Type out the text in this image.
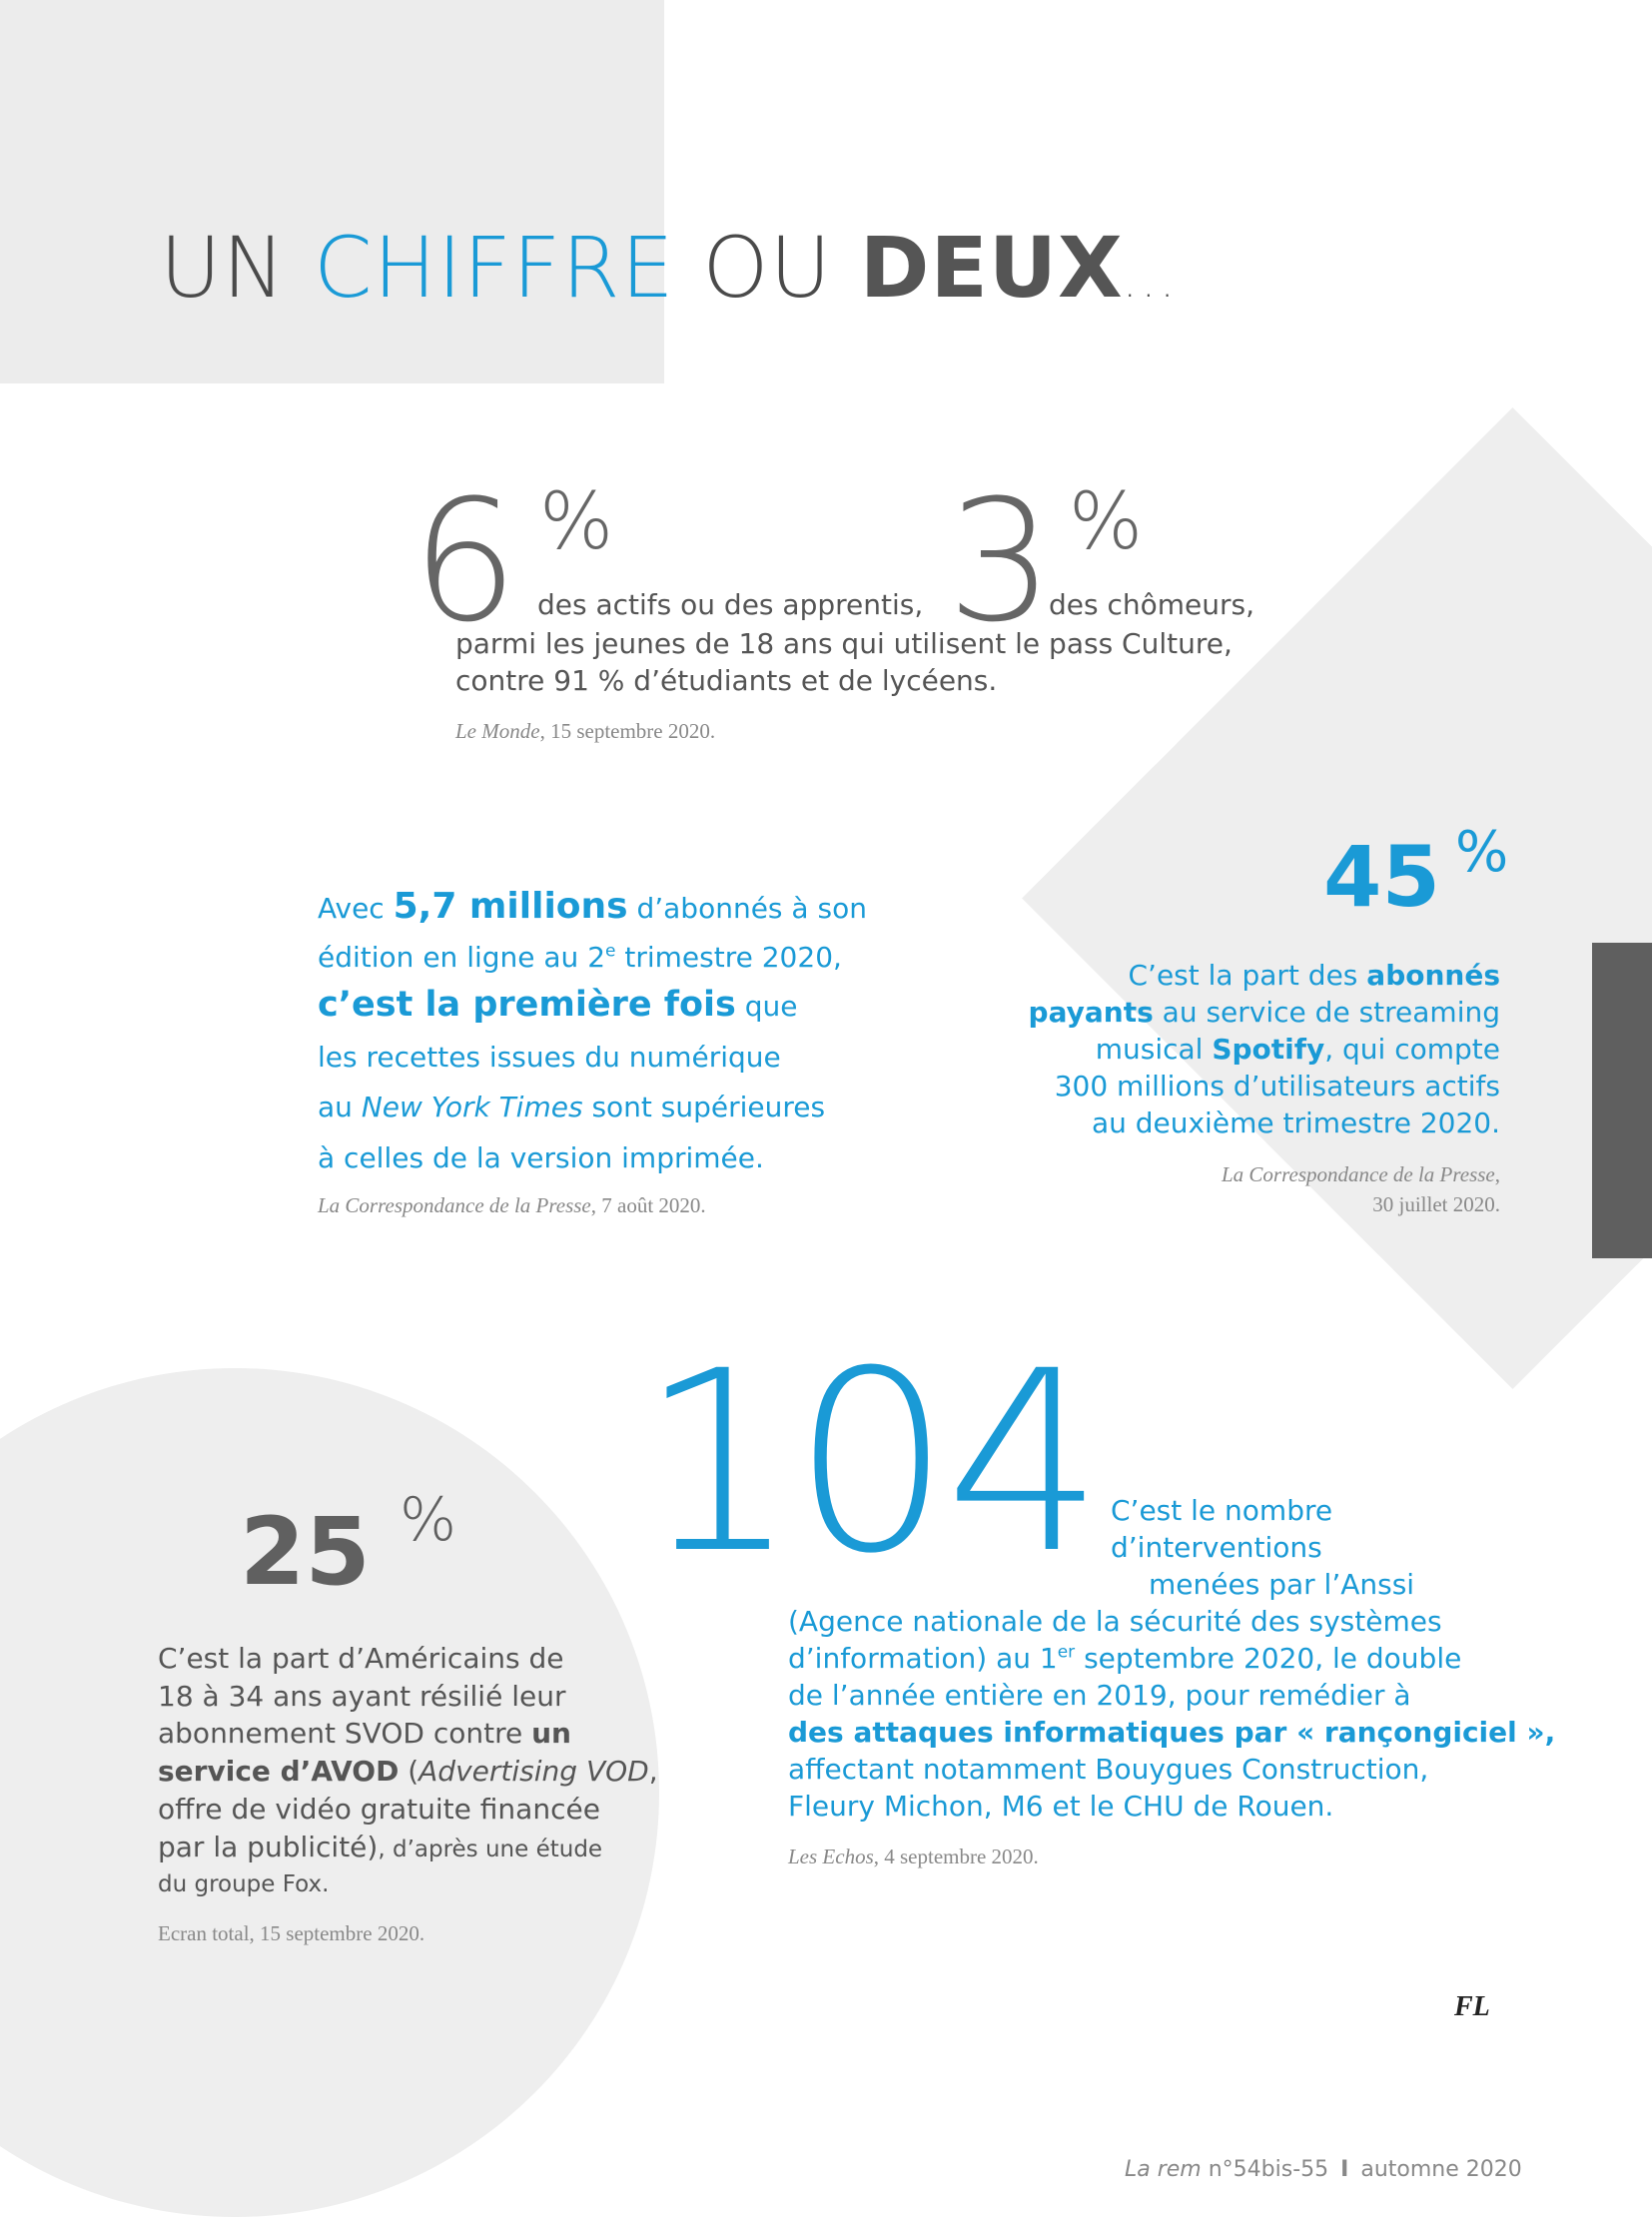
UN CHIFFRE OU DEUX...
6 %
des actifs ou des apprentis, 3 %
des chômeurs,
parmi les jeunes de 18 ans qui utilisent le pass Culture,
contre 91 % d’étudiants et de lycéens.
Le Monde, 15 septembre 2020.
Avec 5,7 millions d’abonnés à son
édition en ligne au 2e trimestre 2020,
c’est la première fois que
les recettes issues du numérique
au New York Times sont supérieures
à celles de la version imprimée.
La Correspondance de la Presse, 7 août 2020.
45 %
C’est la part des abonnés
payants au service de streaming
musical Spotify, qui compte
300 millions d’utilisateurs actifs
au deuxième trimestre 2020.
La Correspondance de la Presse,
30 juillet 2020.
104 C’est le nombre
d’interventions
menées par l’Anssi
(Agence nationale de la sécurité des systèmes
d’information) au 1er septembre 2020, le double
de l’année entière en 2019, pour remédier à
des attaques informatiques par « rançongiciel »,
affectant notamment Bouygues Construction,
Fleury Michon, M6 et le CHU de Rouen.
Les Echos, 4 septembre 2020.
25 %
C’est la part d’Américains de
18 à 34 ans ayant résilié leur
abonnement SVOD contre un
service d’AVOD (Advertising VOD,
offre de vidéo gratuite financée
par la publicité), d’après une étude
du groupe Fox.
Ecran total, 15 septembre 2020.
FL
La rem n°54bis-55 I automne 2020
